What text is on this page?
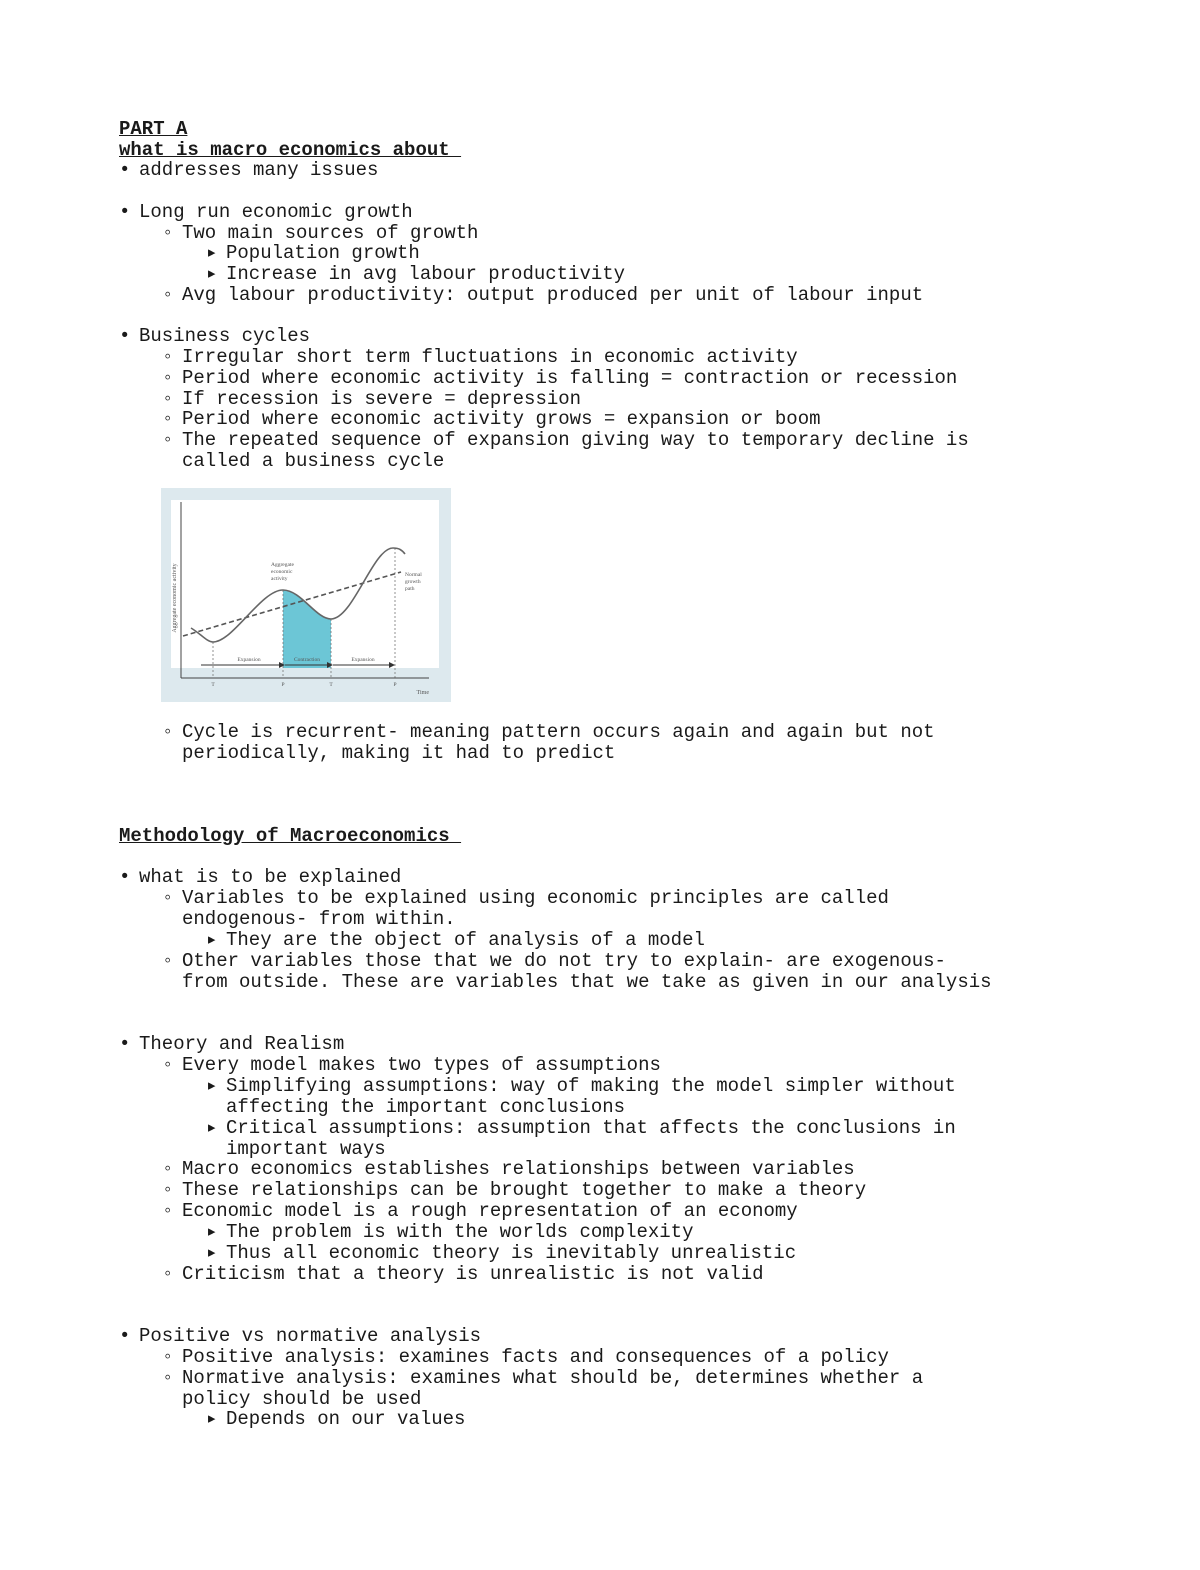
PART A
what is macro economics about
• addresses many issues
• Long run economic growth
◦ Two main sources of growth
▸ Population growth
▸ Increase in avg labour productivity
◦ Avg labour productivity: output produced per unit of labour input
• Business cycles
◦ Irregular short term fluctuations in economic activity
◦ Period where economic activity is falling = contraction or recession
◦ If recession is severe = depression
◦ Period where economic activity grows = expansion or boom
◦ The repeated sequence of expansion giving way to temporary decline is
called a business cycle
Aggregate economic activity
Time
Aggregate
economic
activity
Normal
growth
path
Expansion	Contraction	Expansion
T	P	T	P
◦ Cycle is recurrent- meaning pattern occurs again and again but not
periodically, making it had to predict
Methodology of Macroeconomics
• what is to be explained
◦ Variables to be explained using economic principles are called
endogenous- from within.
▸ They are the object of analysis of a model
◦ Other variables those that we do not try to explain- are exogenous-
from outside. These are variables that we take as given in our analysis
• Theory and Realism
◦ Every model makes two types of assumptions
▸ Simplifying assumptions: way of making the model simpler without
affecting the important conclusions
▸ Critical assumptions: assumption that affects the conclusions in
important ways
◦ Macro economics establishes relationships between variables
◦ These relationships can be brought together to make a theory
◦ Economic model is a rough representation of an economy
▸ The problem is with the worlds complexity
▸ Thus all economic theory is inevitably unrealistic
◦ Criticism that a theory is unrealistic is not valid
• Positive vs normative analysis
◦ Positive analysis: examines facts and consequences of a policy
◦ Normative analysis: examines what should be, determines whether a
policy should be used
▸ Depends on our values
